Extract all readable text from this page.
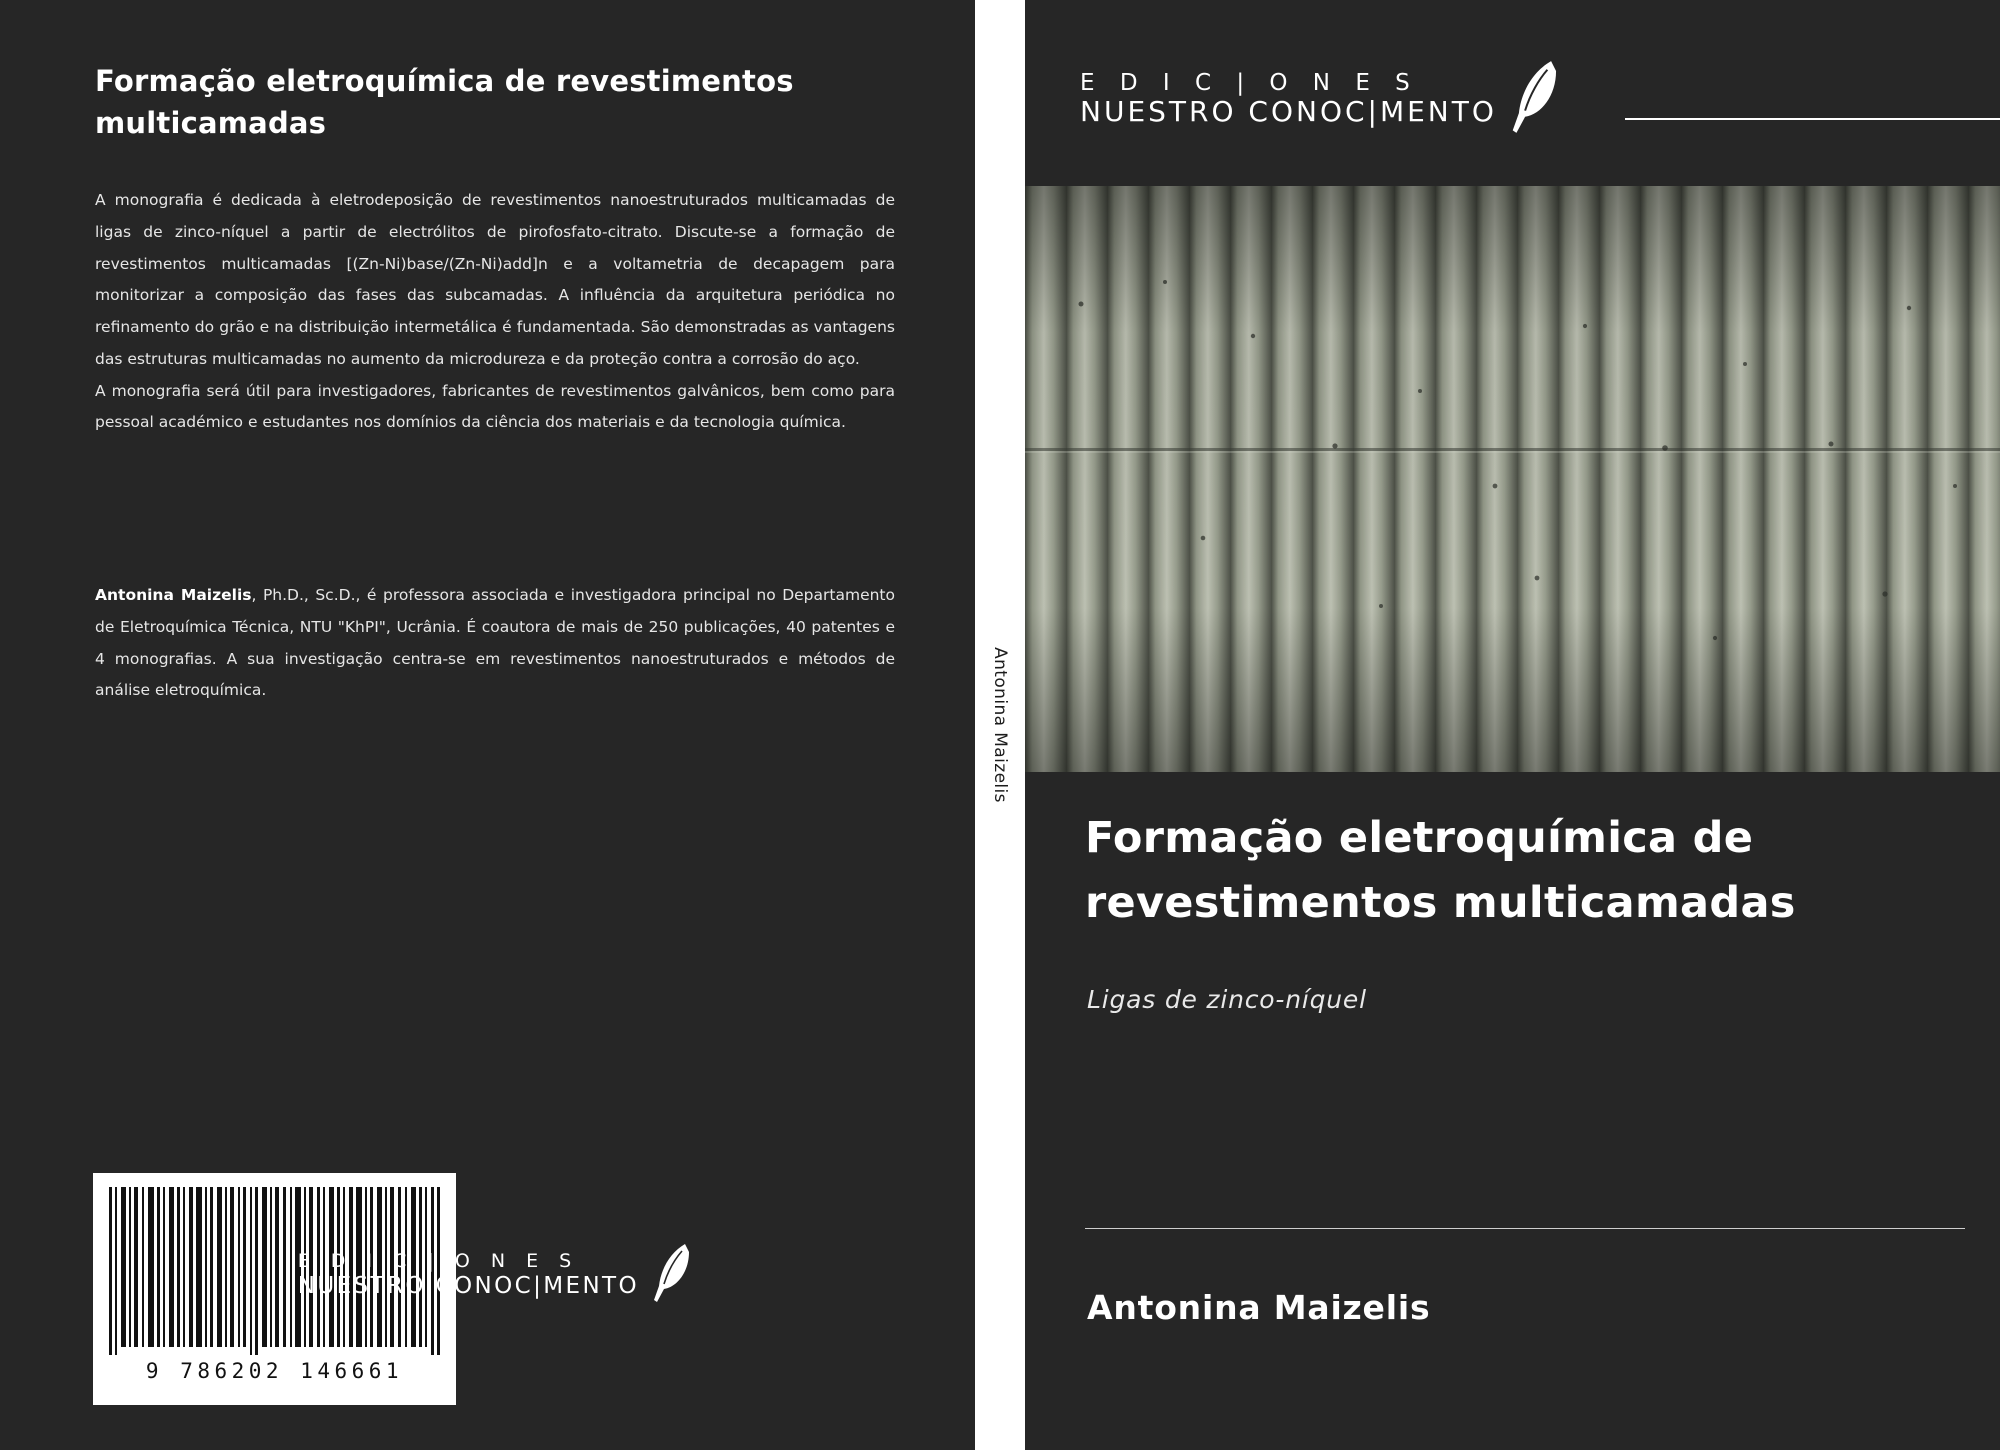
Formação eletroquímica de revestimentos multicamadas

A monografia é dedicada à eletrodeposição de revestimentos nanoestruturados multicamadas de ligas de zinco-níquel a partir de electrólitos de pirofosfato-citrato. Discute-se a formação de revestimentos multicamadas [(Zn-Ni)base/(Zn-Ni)add]n e a voltametria de decapagem para monitorizar a composição das fases das subcamadas. A influência da arquitetura periódica no refinamento do grão e na distribuição intermetálica é fundamentada. São demonstradas as vantagens das estruturas multicamadas no aumento da microdureza e da proteção contra a corrosão do aço.

A monografia será útil para investigadores, fabricantes de revestimentos galvânicos, bem como para pessoal académico e estudantes nos domínios da ciência dos materiais e da tecnologia química.

Antonina Maizelis, Ph.D., Sc.D., é professora associada e investigadora principal no Departamento de Eletroquímica Técnica, NTU "KhPI", Ucrânia. É coautora de mais de 250 publicações, 40 patentes e 4 monografias. A sua investigação centra-se em revestimentos nanoestruturados e métodos de análise eletroquímica.
9 786202 146661
E D I C | O N E S
NUESTRO CONOC|MENTO
Antonina Maizelis
E D I C | O N E S
NUESTRO CONOC|MENTO
Formação eletroquímica de revestimentos multicamadas
Ligas de zinco-níquel
Antonina Maizelis
